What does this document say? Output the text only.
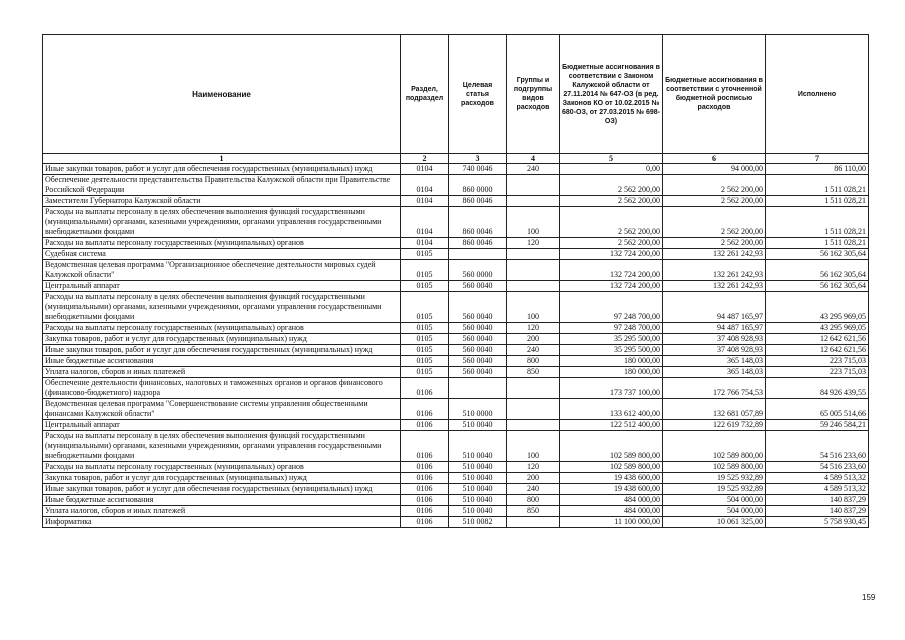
Наименование	Раздел, подраздел	Целевая статья расходов	Группы и подгруппы видов расходов	Бюджетные ассигнования в соответствии с Законом Калужской области от 27.11.2014 № 647-ОЗ (в ред. Законов КО от 10.02.2015 № 680-ОЗ, от 27.03.2015 № 698-ОЗ)	Бюджетные ассигнования в соответствии с уточненной бюджетной росписью расходов	Исполнено
1	2	3	4	5	6	7
Иные закупки товаров, работ и услуг для обеспечения государственных (муниципальных) нужд	0104	740 0046	240	0,00	94 000,00	86 110,00
Обеспечение деятельности представительства Правительства Калужской области при Правительстве Российской Федерации	0104	860 0000		2 562 200,00	2 562 200,00	1 511 028,21
Заместители Губернатора Калужской области	0104	860 0046		2 562 200,00	2 562 200,00	1 511 028,21
Расходы на выплаты персоналу в целях обеспечения выполнения функций государственными (муниципальными) органами, казенными учреждениями, органами управления государственными внебюджетными фондами	0104	860 0046	100	2 562 200,00	2 562 200,00	1 511 028,21
Расходы на выплаты персоналу государственных (муниципальных) органов	0104	860 0046	120	2 562 200,00	2 562 200,00	1 511 028,21
Судебная система	0105			132 724 200,00	132 261 242,93	56 162 305,64
Ведомственная целевая программа "Организационное обеспечение деятельности мировых судей Калужской области"	0105	560 0000		132 724 200,00	132 261 242,93	56 162 305,64
Центральный аппарат	0105	560 0040		132 724 200,00	132 261 242,93	56 162 305,64
Расходы на выплаты персоналу в целях обеспечения выполнения функций государственными (муниципальными) органами, казенными учреждениями, органами управления государственными внебюджетными фондами	0105	560 0040	100	97 248 700,00	94 487 165,97	43 295 969,05
Расходы на выплаты персоналу государственных (муниципальных) органов	0105	560 0040	120	97 248 700,00	94 487 165,97	43 295 969,05
Закупка товаров, работ и услуг для государственных (муниципальных) нужд	0105	560 0040	200	35 295 500,00	37 408 928,93	12 642 621,56
Иные закупки товаров, работ и услуг для обеспечения государственных (муниципальных) нужд	0105	560 0040	240	35 295 500,00	37 408 928,93	12 642 621,56
Иные бюджетные ассигнования	0105	560 0040	800	180 000,00	365 148,03	223 715,03
Уплата налогов, сборов и иных платежей	0105	560 0040	850	180 000,00	365 148,03	223 715,03
Обеспечение деятельности финансовых, налоговых и таможенных органов и органов финансового (финансово-бюджетного) надзора	0106			173 737 100,00	172 766 754,53	84 926 439,55
Ведомственная целевая программа "Совершенствование системы управления общественными финансами Калужской области"	0106	510 0000		133 612 400,00	132 681 057,89	65 005 514,66
Центральный аппарат	0106	510 0040		122 512 400,00	122 619 732,89	59 246 584,21
Расходы на выплаты персоналу в целях обеспечения выполнения функций государственными (муниципальными) органами, казенными учреждениями, органами управления государственными внебюджетными фондами	0106	510 0040	100	102 589 800,00	102 589 800,00	54 516 233,60
Расходы на выплаты персоналу государственных (муниципальных) органов	0106	510 0040	120	102 589 800,00	102 589 800,00	54 516 233,60
Закупка товаров, работ и услуг для государственных (муниципальных) нужд	0106	510 0040	200	19 438 600,00	19 525 932,89	4 589 513,32
Иные закупки товаров, работ и услуг для обеспечения государственных (муниципальных) нужд	0106	510 0040	240	19 438 600,00	19 525 932,89	4 589 513,32
Иные бюджетные ассигнования	0106	510 0040	800	484 000,00	504 000,00	140 837,29
Уплата налогов, сборов и иных платежей	0106	510 0040	850	484 000,00	504 000,00	140 837,29
Информатика	0106	510 0082		11 100 000,00	10 061 325,00	5 758 930,45
159
